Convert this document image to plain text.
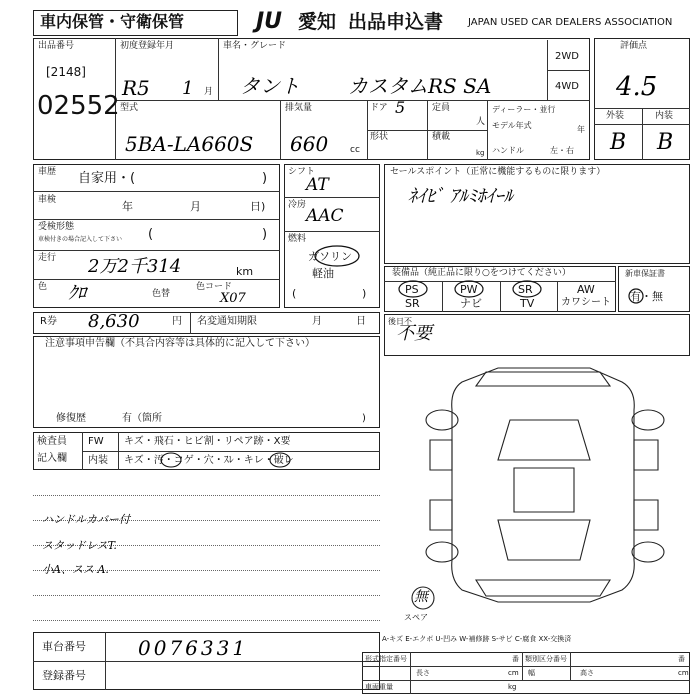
車内保管・守衛保管	JU 愛知 出品申込書 JAPAN USED CAR DEALERS ASSOCIATION
出品番号
[2148]
02552
初度登録年月
R5 1 月
車名・グレード
タント カスタムRS SA
2WD
4WD
型式
5BA-LA660S
排気量
660 cc
ドア 5	定員
人
形状	積載
kg
ディーラー・並行
モデル年式	年
ハンドル	左・右
評価点
4.5
外装	内装
B B
車歴 自家用・(	)
車検	年	月	日)
受検形態
車検付きの場合記入して下さい (	)
走行 2万2千314	km
色 ｸﾛ	色替
色コード
X07
シフト
AT
冷房
AAC
燃料
ガソリン
軽油
(	)
セールスポイント（正常に機能するものに限ります）
ﾈｲﾋﾞ ｱﾙﾐﾎｲｰﾙ
装備品（純正品に限り○をつけてください）
PS	PW	SR	AW
SR	ナビ	TV	カワシート
新車保証書
有・無
R券 8,630	円 名変通知期限	月	日	後日不
不要
注意事項申告欄（不具合内容等は具体的に記入して下さい）
修復歴	有（箇所	)
検査員
記入欄
FW キズ・飛石・ヒビ割・リペア跡・X要
内装 キズ・汚・コゲ・穴・ｽﾚ・キレ・破レ
ハンドルカバー付
スタッドレスT.
小A、スス A.
無
スペア
A-キズ E-エクボ U-凹み W-補修跡 S-サビ C-腐食 XX-交換済
車台番号	0076331
登録番号
形式指定番号	番 類別区分番号	番
長さ	cm 幅	高さ	cm
車両重量	kg
